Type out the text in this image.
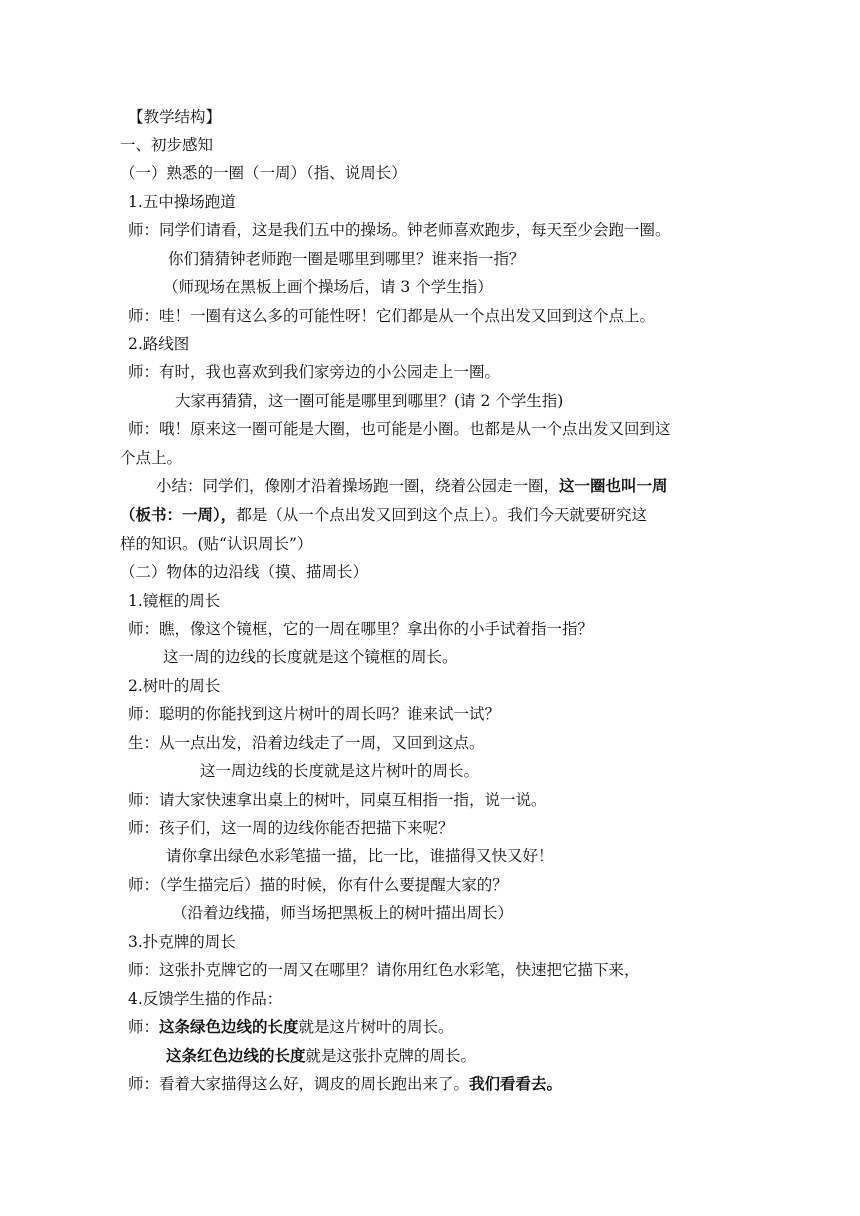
【教学结构】
一、初步感知
（一）熟悉的一圈（一周）（指、说周长）
1.五中操场跑道
师：同学们请看，这是我们五中的操场。钟老师喜欢跑步，每天至少会跑一圈。
你们猜猜钟老师跑一圈是哪里到哪里？谁来指一指？
（师现场在黑板上画个操场后，请 3 个学生指）
师：哇！一圈有这么多的可能性呀！它们都是从一个点出发又回到这个点上。
2.路线图
师：有时，我也喜欢到我们家旁边的小公园走上一圈。
大家再猜猜，这一圈可能是哪里到哪里？(请 2 个学生指)
师：哦！原来这一圈可能是大圈，也可能是小圈。也都是从一个点出发又回到这
个点上。
小结：同学们，像刚才沿着操场跑一圈，绕着公园走一圈，这一圈也叫一周
（板书：一周），都是（从一个点出发又回到这个点上）。我们今天就要研究这
样的知识。(贴“认识周长”）
（二）物体的边沿线（摸、描周长）
1.镜框的周长
师：瞧，像这个镜框，它的一周在哪里？拿出你的小手试着指一指？
这一周的边线的长度就是这个镜框的周长。
2.树叶的周长
师：聪明的你能找到这片树叶的周长吗？谁来试一试？
生：从一点出发，沿着边线走了一周，又回到这点。
这一周边线的长度就是这片树叶的周长。
师：请大家快速拿出桌上的树叶，同桌互相指一指，说一说。
师：孩子们，这一周的边线你能否把描下来呢？
请你拿出绿色水彩笔描一描，比一比，谁描得又快又好！
师：（学生描完后）描的时候，你有什么要提醒大家的？
（沿着边线描，师当场把黑板上的树叶描出周长）
3.扑克牌的周长
师：这张扑克牌它的一周又在哪里？请你用红色水彩笔，快速把它描下来，
4.反馈学生描的作品：
师：这条绿色边线的长度就是这片树叶的周长。
这条红色边线的长度就是这张扑克牌的周长。
师：看着大家描得这么好，调皮的周长跑出来了。我们看看去。
